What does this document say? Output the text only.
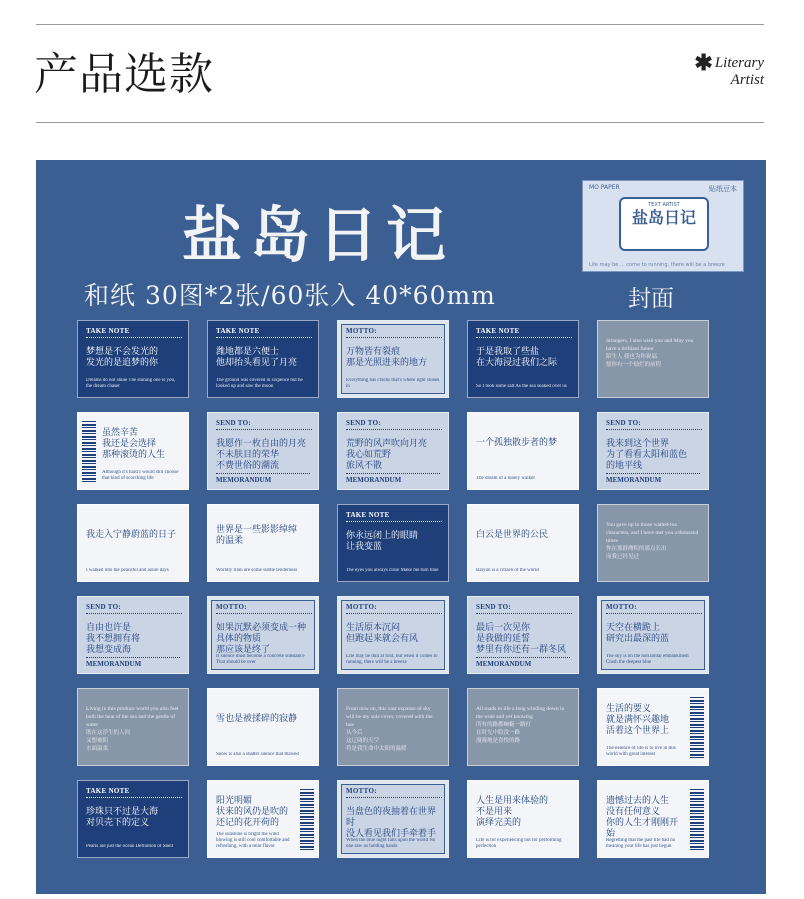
产品选款	✱ Literary
Artist
盐岛日记
和纸 30图*2张/60张入 40*60mm
MO PAPER	贴纸豆本
TEXT ARTIST
盐岛日记
Life may be ... come to running, there will be a breeze
封面
TAKE NOTE
梦想是不会发光的
发光的是追梦的你
Dreams do not shine The shining one is you, the dream chaser
TAKE NOTE
潍地都是六便士
他却抬头看见了月亮
The ground was covered in sixpence but he looked up and saw the moon
MOTTO:
万物皆有裂痕
那是光照进来的地方
Everything has cracks that's where light shines in
TAKE NOTE
于是我取了些盐
在大海浸过我们之际
So I took some salt As the sea soaked over us
Strangers, I also wish you and May you have a brilliant future
陌生人 我也为你祝福
愿你有一个灿烂的前程
虽然辛苦
我还是会选择
那种滚烫的人生
Although it's hard I would still choose that kind of scorching life
SEND TO:
我愿作一枚自由的月亮
不未肤目的荣华
不费世俗的潮流
MEMORANDUM
SEND TO:
荒野的风声吹向月亮
我心如荒野
旅风不散
MEMORANDUM
一个孤独散步者的梦
The dream of a lonely walker
SEND TO:
我来到这个世界
为了看看太阳和蓝色
的地平线
MEMORANDUM
我走入宁静蔚蓝的日子
I walked into the peaceful and azure days
世界是一些影影绰绰
的温柔
Worldly train are some subtle tenderness
TAKE NOTE
你永远闭上的眼睛
让我变蓝
The eyes you always close Make me turn blue
白云是世界的公民
Baiyun is a citizen of the world
You gave up in those watted-toa characters, and I have met you a thousand times
你在那群潍积的那点长出
而我已经见过
SEND TO:
自由也许是
我不想拥有将
我想变成海
MEMORANDUM
MOTTO:
如果沉默必须变成一种
具体的物质
那应该是终了
If silence must become a concrete substance That should be over
MOTTO:
生活原本沉闷
但跑起来就会有风
Life may be dull at first, but when it comes to running, there will be a breeze
SEND TO:
最后一次见你
是我做的延誓
梦里有你还有一群冬风
MEMORANDUM
MOTTO:
天空在横跪上
研究出最深的蓝
The sky is on the horizontal embankment Crash the deepest blue
Living in this produce world you also feel both the heat of the sea and the gentle of water
既在这浮生的人间
又想被阳
水面温柔
雪也是被揉碎的寂静
Snow is also a shatter silence that thawed
From now on, this vast expanse of sky will be my sole cover, covered with the hue
从今后
这辽阔的天空
将是我生命中太阳的温暖
All roads in life a long winding down in the wide and yet knowing
所有的路都蜿蜒一路打
在时光中隐没一路
漫漫地是喜悦的路
生活的要义
就是满怀兴趣地
活着这个世界上
The essence of life is to live in this world with great interest
TAKE NOTE
珍珠只不过是大海
对贝壳下的定义
Pearls are just the ocean Definition of Shell
阳光明媚
状来的风仍是吹的
还记的花开荷的
The sunshine is bright the wind blowing is still cool comfortable and refreshing, with a mint flavor
MOTTO:
当盘色的夜抽着在世界时
没人看见我们手牵着手
When the blue night falls upon the world No one saw us holding hands
人生是用来体验的
不是用来
演绎完美的
Life is for experiencing not for performing perfection
遗憾过去的人生
没有任何意义
你的人生才刚刚开始
Regretting that the past life had no meaning your life has just begun
